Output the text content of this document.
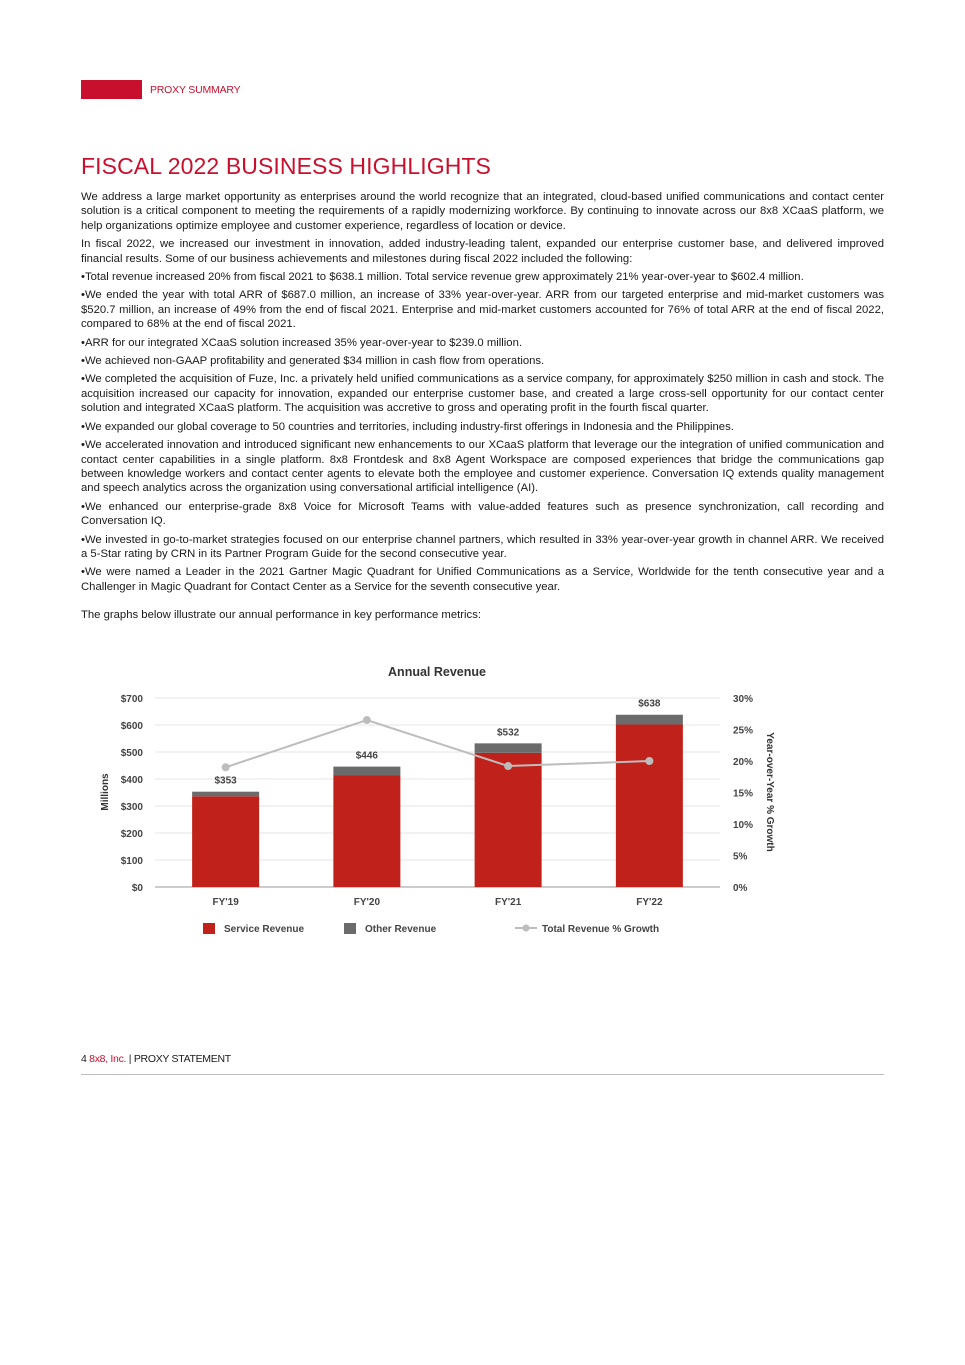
PROXY SUMMARY
FISCAL 2022 BUSINESS HIGHLIGHTS

We address a large market opportunity as enterprises around the world recognize that an integrated, cloud-based unified communications and contact center solution is a critical component to meeting the requirements of a rapidly modernizing workforce. By continuing to innovate across our 8x8 XCaaS platform, we help organizations optimize employee and customer experience, regardless of location or device.

In fiscal 2022, we increased our investment in innovation, added industry-leading talent, expanded our enterprise customer base, and delivered improved financial results. Some of our business achievements and milestones during fiscal 2022 included the following:

•Total revenue increased 20% from fiscal 2021 to $638.1 million. Total service revenue grew approximately 21% year-over-year to $602.4 million.

•We ended the year with total ARR of $687.0 million, an increase of 33% year-over-year. ARR from our targeted enterprise and mid-market customers was $520.7 million, an increase of 49% from the end of fiscal 2021. Enterprise and mid-market customers accounted for 76% of total ARR at the end of fiscal 2022, compared to 68% at the end of fiscal 2021.

•ARR for our integrated XCaaS solution increased 35% year-over-year to $239.0 million.

•We achieved non-GAAP profitability and generated $34 million in cash flow from operations.

•We completed the acquisition of Fuze, Inc. a privately held unified communications as a service company, for approximately $250 million in cash and stock. The acquisition increased our capacity for innovation, expanded our enterprise customer base, and created a large cross-sell opportunity for our contact center solution and integrated XCaaS platform. The acquisition was accretive to gross and operating profit in the fourth fiscal quarter.

•We expanded our global coverage to 50 countries and territories, including industry-first offerings in Indonesia and the Philippines.

•We accelerated innovation and introduced significant new enhancements to our XCaaS platform that leverage our the integration of unified communication and contact center capabilities in a single platform. 8x8 Frontdesk and 8x8 Agent Workspace are composed experiences that bridge the communications gap between knowledge workers and contact center agents to elevate both the employee and customer experience. Conversation IQ extends quality management and speech analytics across the organization using conversational artificial intelligence (AI).

•We enhanced our enterprise-grade 8x8 Voice for Microsoft Teams with value-added features such as presence synchronization, call recording and Conversation IQ.

•We invested in go-to-market strategies focused on our enterprise channel partners, which resulted in 33% year-over-year growth in channel ARR. We received a 5-Star rating by CRN in its Partner Program Guide for the second consecutive year.

•We were named a Leader in the 2021 Gartner Magic Quadrant for Unified Communications as a Service, Worldwide for the tenth consecutive year and a Challenger in Magic Quadrant for Contact Center as a Service for the seventh consecutive year.

The graphs below illustrate our annual performance in key performance metrics:

Annual Revenue
$353
$446
$532
$638
$0
$100
$200
$300
$400
$500
$600
$700
0%
5%
10%
15%
20%
25%
30%
FY'19	FY'20	FY'21	FY'22
Millions	Year-over-Year % Growth
Service Revenue	Other Revenue	Total Revenue % Growth
4 8x8, Inc. | PROXY STATEMENT
